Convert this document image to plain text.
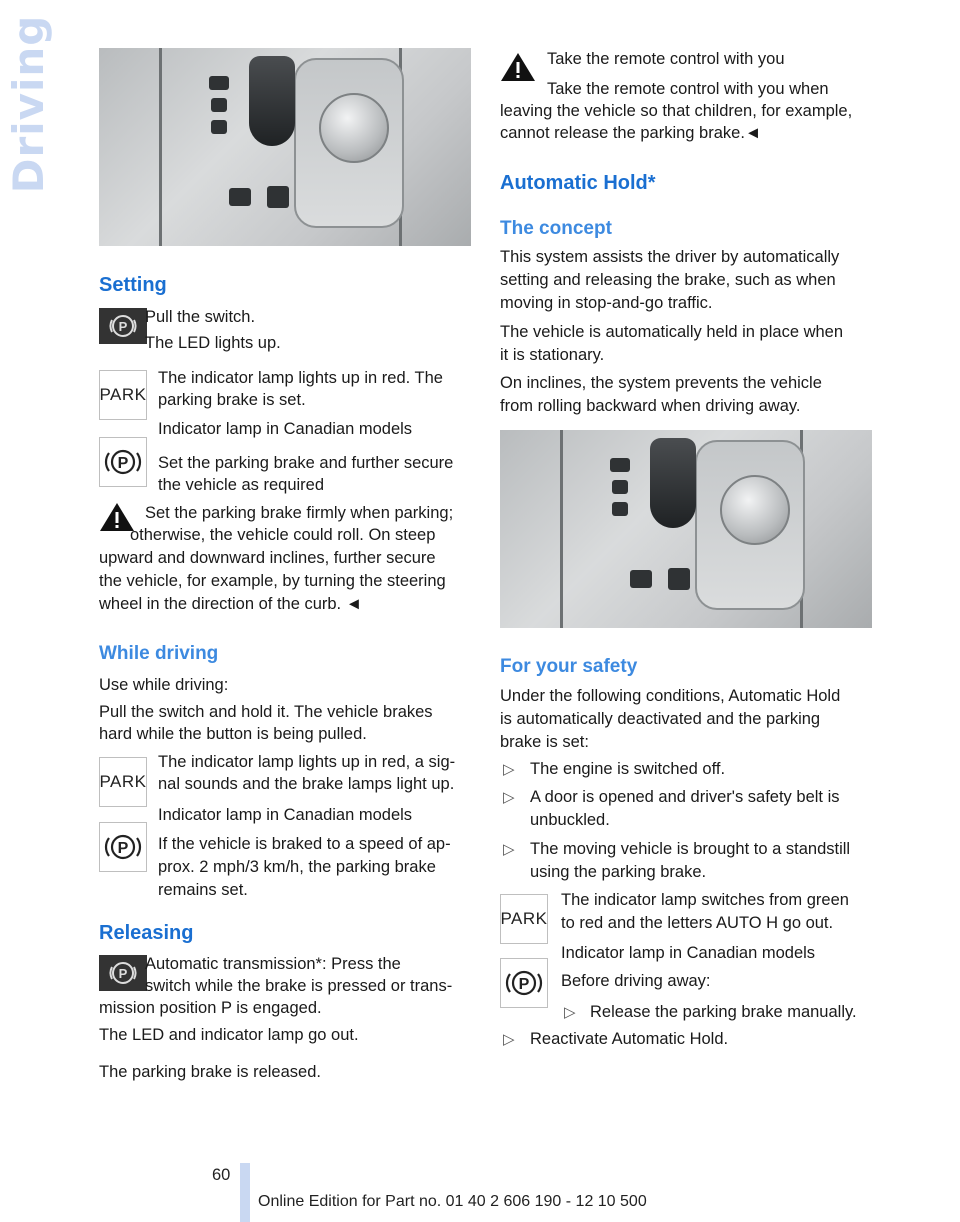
Driving
Setting
P
Pull the switch.
The LED lights up.
PARK
The indicator lamp lights up in red. The
parking brake is set.
Indicator lamp in Canadian models
P Set the parking brake and further secure
the vehicle as required
Set the parking brake firmly when parking;
otherwise, the vehicle could roll. On steep
upward and downward inclines, further secure
the vehicle, for example, by turning the steering
wheel in the direction of the curb. ◄
While driving
Use while driving:
Pull the switch and hold it. The vehicle brakes
hard while the button is being pulled.
PARK
The indicator lamp lights up in red, a sig-
nal sounds and the brake lamps light up.
Indicator lamp in Canadian models
P If the vehicle is braked to a speed of ap-
prox. 2 mph/3 km/h, the parking brake
remains set.
Releasing
P
Automatic transmission*: Press the
switch while the brake is pressed or trans-
mission position P is engaged.
The LED and indicator lamp go out.
The parking brake is released.
Take the remote control with you
Take the remote control with you when
leaving the vehicle so that children, for example,
cannot release the parking brake.◄
Automatic Hold*
The concept
This system assists the driver by automatically
setting and releasing the brake, such as when
moving in stop-and-go traffic.
The vehicle is automatically held in place when
it is stationary.
On inclines, the system prevents the vehicle
from rolling backward when driving away.
For your safety
Under the following conditions, Automatic Hold
is automatically deactivated and the parking
brake is set:
▷ The engine is switched off.
▷ A door is opened and driver's safety belt is
unbuckled.
▷ The moving vehicle is brought to a standstill
using the parking brake.
PARK
The indicator lamp switches from green
to red and the letters AUTO H go out.
Indicator lamp in Canadian models
P Before driving away:
▷ Release the parking brake manually.
▷ Reactivate Automatic Hold.
60
Online Edition for Part no. 01 40 2 606 190 - 12 10 500
